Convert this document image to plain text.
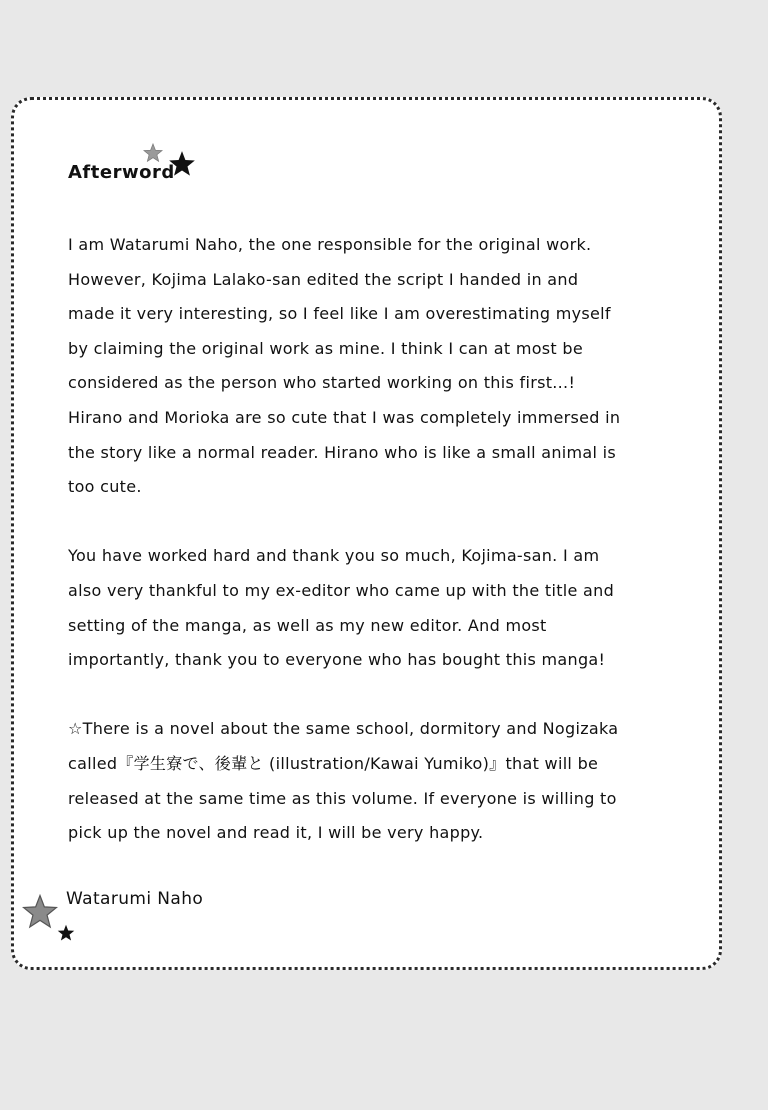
Afterword

I am Watarumi Naho, the one responsible for the original work.
However, Kojima Lalako-san edited the script I handed in and
made it very interesting, so I feel like I am overestimating myself
by claiming the original work as mine. I think I can at most be
considered as the person who started working on this first...!
Hirano and Morioka are so cute that I was completely immersed in
the story like a normal reader. Hirano who is like a small animal is
too cute.

You have worked hard and thank you so much, Kojima-san. I am
also very thankful to my ex-editor who came up with the title and
setting of the manga, as well as my new editor. And most
importantly, thank you to everyone who has bought this manga!

☆There is a novel about the same school, dormitory and Nogizaka
called『学生寮で、後輩と (illustration/Kawai Yumiko)』that will be
released at the same time as this volume. If everyone is willing to
pick up the novel and read it, I will be very happy.

Watarumi Naho
